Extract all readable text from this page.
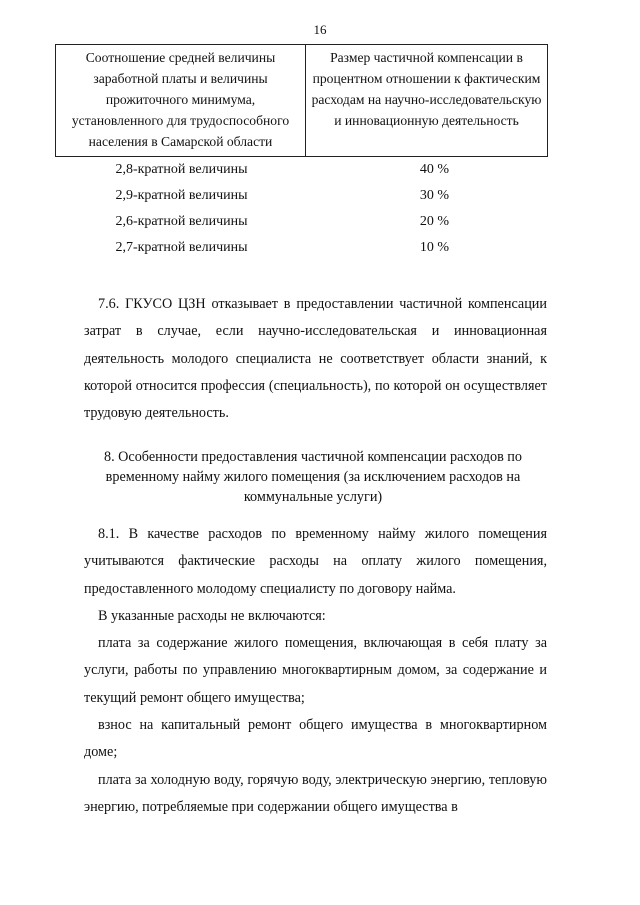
16
Соотношение средней величины заработной платы и величины прожиточного минимума, установленного для трудоспособного населения в Самарской области	Размер частичной компенсации в процентном отношении к фактическим расходам на научно-исследовательскую и инновационную деятельность
2,8-кратной величины	40 %
2,9-кратной величины	30 %
2,6-кратной величины	20 %
2,7-кратной величины	10 %
7.6. ГКУСО ЦЗН отказывает в предоставлении частичной компенсации затрат в случае, если научно-исследовательская и инновационная деятельность молодого специалиста не соответствует области знаний, к которой относится профессия (специальность), по которой он осуществляет трудовую деятельность.
8. Особенности предоставления частичной компенсации расходов по временному найму жилого помещения (за исключением расходов на коммунальные услуги)
8.1. В качестве расходов по временному найму жилого помещения учитываются фактические расходы на оплату жилого помещения, предоставленного молодому специалисту по договору найма.
В указанные расходы не включаются:
плата за содержание жилого помещения, включающая в себя плату за услуги, работы по управлению многоквартирным домом, за содержание и текущий ремонт общего имущества;
взнос на капитальный ремонт общего имущества в многоквартирном доме;
плата за холодную воду, горячую воду, электрическую энергию, тепловую энергию, потребляемые при содержании общего имущества в
